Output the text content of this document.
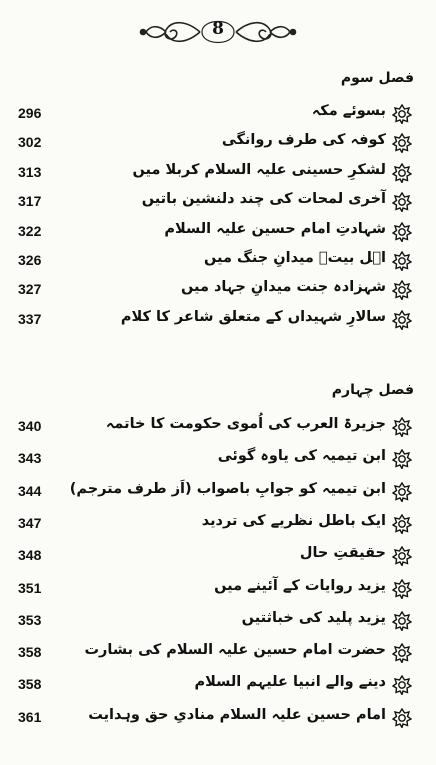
8
فصل سوم
296	بسوئے مکہ
302	کوفہ کی طرف روانگی
313	لشکرِ حسینی علیہ السلام کربلا میں
317	آخری لمحات کی چند دلنشین باتیں
322	شہادتِ امام حسین علیہ السلام
326	اہل بیتؑ میدانِ جنگ میں
327	شہزادہ جنت میدانِ جہاد میں
337	سالارِ شہیداں کے متعلق شاعر کا کلام
فصل چہارم
340	جزیرۃ العرب کی اُموی حکومت کا خاتمہ
343	ابن تیمیہ کی یاوہ گوئی
344 ابن تیمیہ کو جوابِ باصواب (اَز طرف مترجم)
347	ایک باطل نظریے کی تردید
348	حقیقتِ حال
351	یزید روایات کے آئینے میں
353	یزید پلید کی خباثتیں
358	حضرت امام حسین علیہ السلام کی بشارت
358	دینے والے انبیا علیہم السلام
361	امام حسین علیہ السلام منادیِ حق وہدایت
